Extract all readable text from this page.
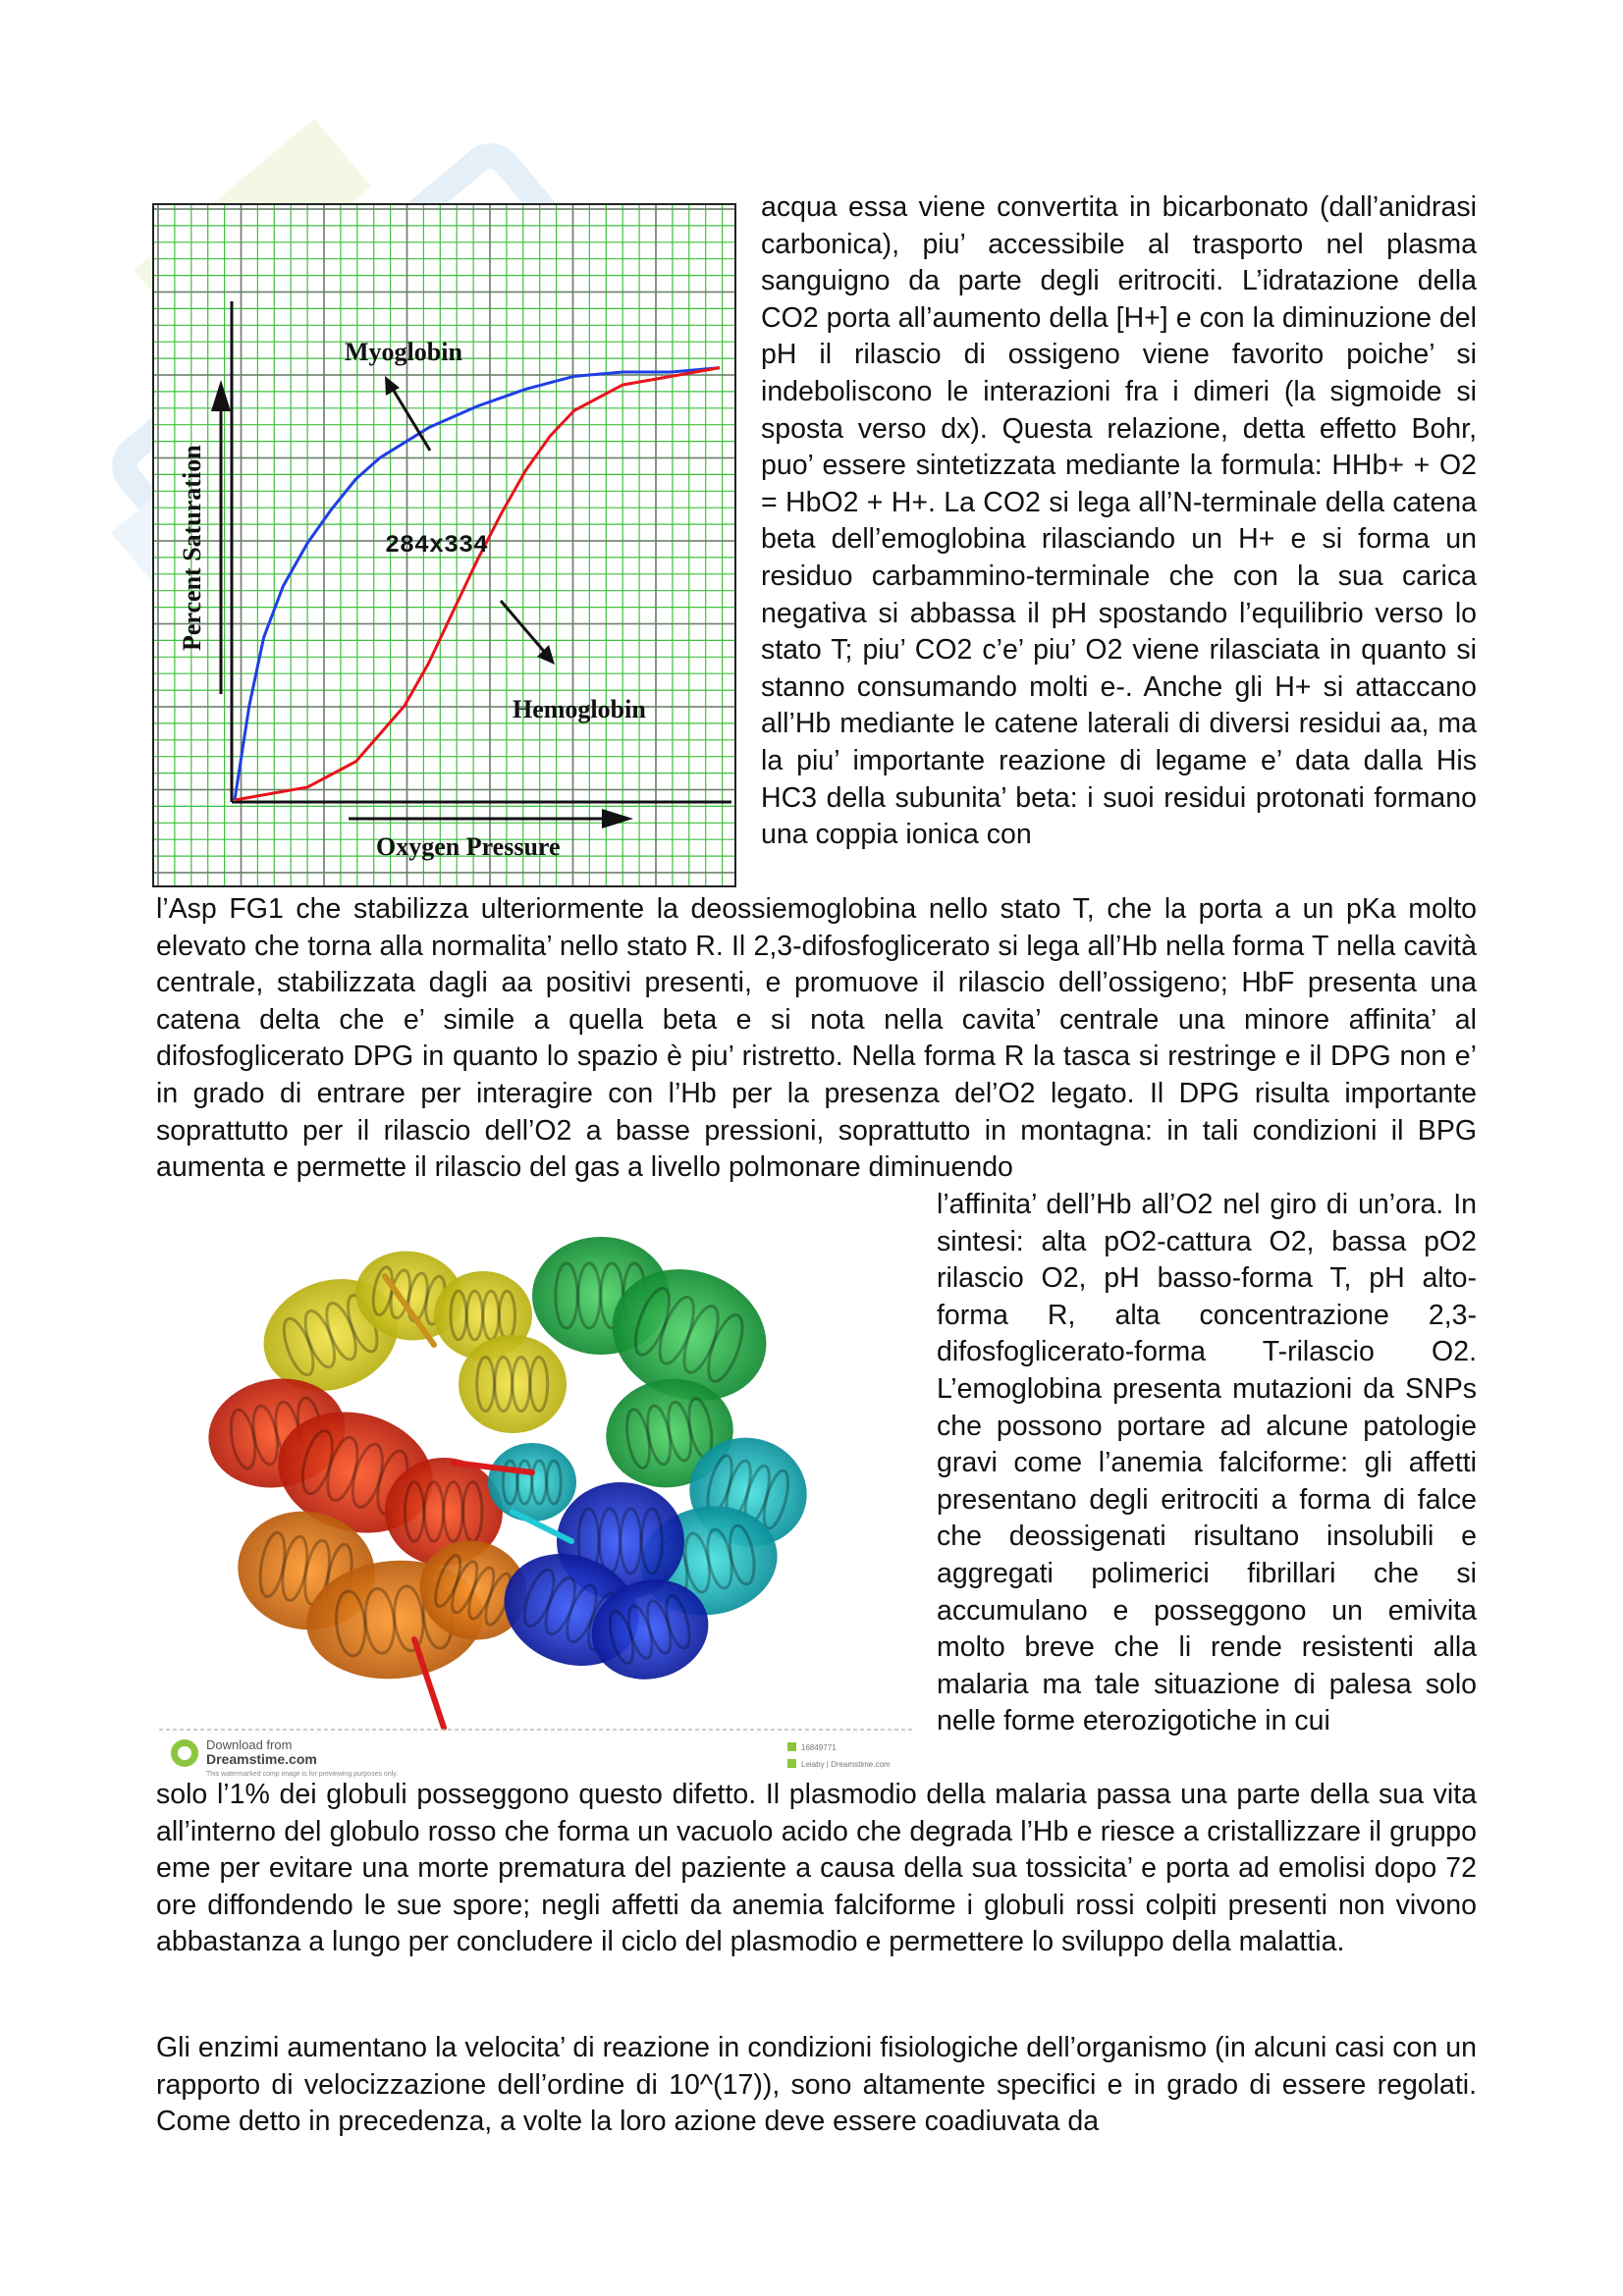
Myoglobin
Hemoglobin
284x334
Oxygen Pressure
Percent Saturation
acqua essa viene convertita in bicarbonato (dall’anidrasi carbonica), piu’ accessibile al trasporto nel plasma sanguigno da parte degli eritrociti. L’idratazione della CO2 porta all’aumento della [H+] e con la diminuzione del pH il rilascio di ossigeno viene favorito poiche’ si indeboliscono le interazioni fra i dimeri (la sigmoide si sposta verso dx). Questa relazione, detta effetto Bohr, puo’ essere sintetizzata mediante la formula: HHb+ + O2 = HbO2 + H+. La CO2 si lega all’N-terminale della catena beta dell’emoglobina rilasciando un H+ e si forma un residuo carbammino-terminale che con la sua carica negativa si abbassa il pH spostando l’equilibrio verso lo stato T; piu’ CO2 c’e’ piu’ O2 viene rilasciata in quanto si stanno consumando molti e-. Anche gli H+ si attaccano all’Hb mediante le catene laterali di diversi residui aa, ma la piu’ importante reazione di legame e’ data dalla His HC3 della subunita’ beta: i suoi residui protonati formano una coppia ionica con
l’Asp FG1 che stabilizza ulteriormente la deossiemoglobina nello stato T, che la porta a un pKa molto elevato che torna alla normalita’ nello stato R. Il 2,3-difosfoglicerato si lega all’Hb nella forma T nella cavità centrale, stabilizzata dagli aa positivi presenti, e promuove il rilascio dell’ossigeno; HbF presenta una catena delta che e’ simile a quella beta e si nota nella cavita’ centrale una minore affinita’ al difosfoglicerato DPG in quanto lo spazio è piu’ ristretto. Nella forma R la tasca si restringe e il DPG non e’ in grado di entrare per interagire con l’Hb per la presenza del’O2 legato. Il DPG risulta importante soprattutto per il rilascio dell’O2 a basse pressioni, soprattutto in montagna: in tali condizioni il BPG aumenta e permette il rilascio del gas a livello polmonare diminuendo
Download from
Dreamstime.com
This watermarked comp image is for previewing purposes only.
16849771
Leiaby | Dreamstime.com
l’affinita’ dell’Hb all’O2 nel giro di un’ora. In sintesi: alta pO2-cattura O2, bassa pO2 rilascio O2, pH basso-forma T, pH alto-forma R, alta concentrazione 2,3-difosfoglicerato-forma T-rilascio O2. L’emoglobina presenta mutazioni da SNPs che possono portare ad alcune patologie gravi come l’anemia falciforme: gli affetti presentano degli eritrociti a forma di falce che deossigenati risultano insolubili e aggregati polimerici fibrillari che si accumulano e posseggono un emivita molto breve che li rende resistenti alla malaria ma tale situazione di palesa solo nelle forme eterozigotiche in cui
solo l’1% dei globuli posseggono questo difetto. Il plasmodio della malaria passa una parte della sua vita all’interno del globulo rosso che forma un vacuolo acido che degrada l’Hb e riesce a cristallizzare il gruppo eme per evitare una morte prematura del paziente a causa della sua tossicita’ e porta ad emolisi dopo 72 ore diffondendo le sue spore; negli affetti da anemia falciforme i globuli rossi colpiti presenti non vivono abbastanza a lungo per concludere il ciclo del plasmodio e permettere lo sviluppo della malattia.
Gli enzimi aumentano la velocita’ di reazione in condizioni fisiologiche dell’organismo (in alcuni casi con un rapporto di velocizzazione dell’ordine di 10^(17)), sono altamente specifici e in grado di essere regolati. Come detto in precedenza, a volte la loro azione deve essere coadiuvata da
